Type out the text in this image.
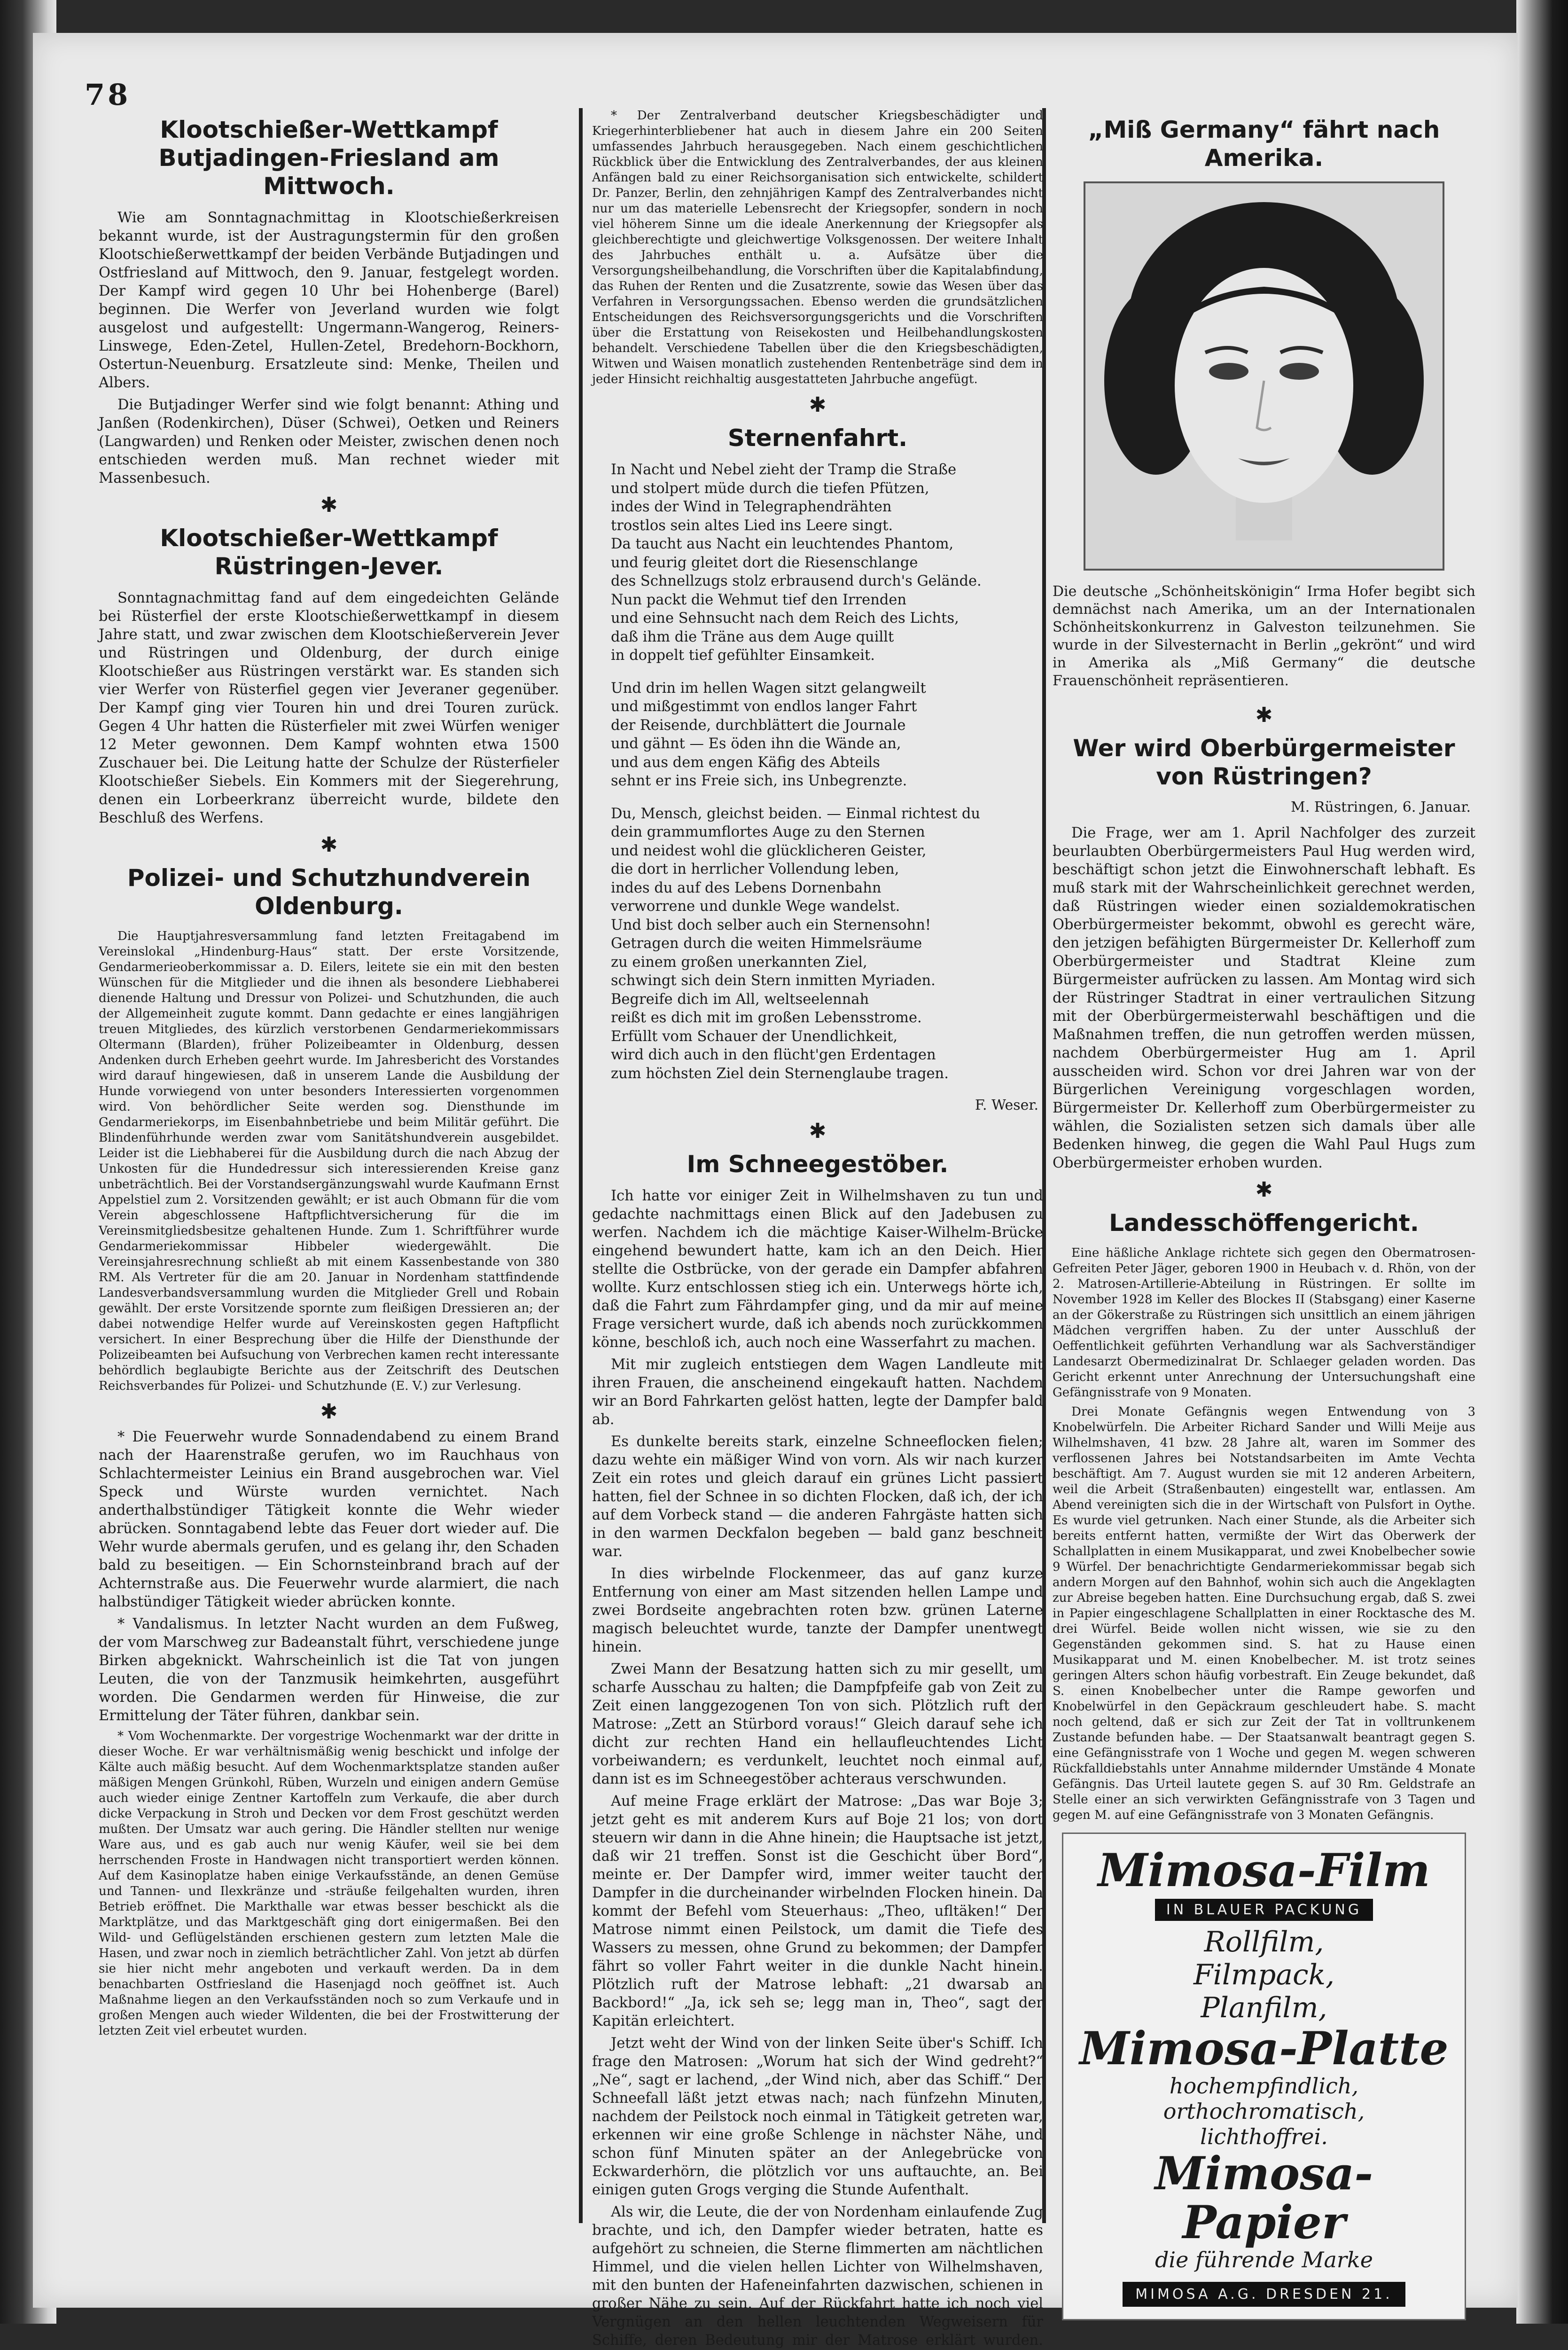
78
Klootschießer-Wettkampf Butjadingen-Friesland am Mittwoch.

Wie am Sonntagnachmittag in Klootschießerkreisen bekannt wurde, ist der Austragungstermin für den großen Klootschießerwettkampf der beiden Verbände Butjadingen und Ostfriesland auf Mittwoch, den 9. Januar, festgelegt worden. Der Kampf wird gegen 10 Uhr bei Hohenberge (Barel) beginnen. Die Werfer von Jeverland wurden wie folgt ausgelost und aufgestellt: Ungermann-Wangerog, Reiners-Linswege, Eden-Zetel, Hullen-Zetel, Bredehorn-Bockhorn, Ostertun-Neuenburg. Ersatzleute sind: Menke, Theilen und Albers.

Die Butjadinger Werfer sind wie folgt benannt: Athing und Janßen (Rodenkirchen), Düser (Schwei), Oetken und Reiners (Langwarden) und Renken oder Meister, zwischen denen noch entschieden werden muß. Man rechnet wieder mit Massenbesuch.

✱
Klootschießer-Wettkampf Rüstringen-Jever.

Sonntagnachmittag fand auf dem eingedeichten Gelände bei Rüsterfiel der erste Klootschießerwettkampf in diesem Jahre statt, und zwar zwischen dem Klootschießerverein Jever und Rüstringen und Oldenburg, der durch einige Klootschießer aus Rüstringen verstärkt war. Es standen sich vier Werfer von Rüsterfiel gegen vier Jeveraner gegenüber. Der Kampf ging vier Touren hin und drei Touren zurück. Gegen 4 Uhr hatten die Rüsterfieler mit zwei Würfen weniger 12 Meter gewonnen. Dem Kampf wohnten etwa 1500 Zuschauer bei. Die Leitung hatte der Schulze der Rüsterfieler Klootschießer Siebels. Ein Kommers mit der Siegerehrung, denen ein Lorbeerkranz überreicht wurde, bildete den Beschluß des Werfens.

✱
Polizei- und Schutzhundverein Oldenburg.

Die Hauptjahresversammlung fand letzten Freitagabend im Vereinslokal „Hindenburg-Haus“ statt. Der erste Vorsitzende, Gendarmerieoberkommissar a. D. Eilers, leitete sie ein mit den besten Wünschen für die Mitglieder und die ihnen als besondere Liebhaberei dienende Haltung und Dressur von Polizei- und Schutzhunden, die auch der Allgemeinheit zugute kommt. Dann gedachte er eines langjährigen treuen Mitgliedes, des kürzlich verstorbenen Gendarmeriekommissars Oltermann (Blarden), früher Polizeibeamter in Oldenburg, dessen Andenken durch Erheben geehrt wurde. Im Jahresbericht des Vorstandes wird darauf hingewiesen, daß in unserem Lande die Ausbildung der Hunde vorwiegend von unter besonders Interessierten vorgenommen wird. Von behördlicher Seite werden sog. Diensthunde im Gendarmeriekorps, im Eisenbahnbetriebe und beim Militär geführt. Die Blindenführhunde werden zwar vom Sanitätshundverein ausgebildet. Leider ist die Liebhaberei für die Ausbildung durch die nach Abzug der Unkosten für die Hundedressur sich interessierenden Kreise ganz unbeträchtlich. Bei der Vorstandsergänzungswahl wurde Kaufmann Ernst Appelstiel zum 2. Vorsitzenden gewählt; er ist auch Obmann für die vom Verein abgeschlossene Haftpflichtversicherung für die im Vereinsmitgliedsbesitze gehaltenen Hunde. Zum 1. Schriftführer wurde Gendarmeriekommissar Hibbeler wiedergewählt. Die Vereinsjahresrechnung schließt ab mit einem Kassenbestande von 380 RM. Als Vertreter für die am 20. Januar in Nordenham stattfindende Landesverbandsversammlung wurden die Mitglieder Grell und Robain gewählt. Der erste Vorsitzende spornte zum fleißigen Dressieren an; der dabei notwendige Helfer wurde auf Vereinskosten gegen Haftpflicht versichert. In einer Besprechung über die Hilfe der Diensthunde der Polizeibeamten bei Aufsuchung von Verbrechen kamen recht interessante behördlich beglaubigte Berichte aus der Zeitschrift des Deutschen Reichsverbandes für Polizei- und Schutzhunde (E. V.) zur Verlesung.

✱

* Die Feuerwehr wurde Sonnadendabend zu einem Brand nach der Haarenstraße gerufen, wo im Rauchhaus von Schlachtermeister Leinius ein Brand ausgebrochen war. Viel Speck und Würste wurden vernichtet. Nach anderthalbstündiger Tätigkeit konnte die Wehr wieder abrücken. Sonntagabend lebte das Feuer dort wieder auf. Die Wehr wurde abermals gerufen, und es gelang ihr, den Schaden bald zu beseitigen. — Ein Schornsteinbrand brach auf der Achternstraße aus. Die Feuerwehr wurde alarmiert, die nach halbstündiger Tätigkeit wieder abrücken konnte.

* Vandalismus. In letzter Nacht wurden an dem Fußweg, der vom Marschweg zur Badeanstalt führt, verschiedene junge Birken abgeknickt. Wahrscheinlich ist die Tat von jungen Leuten, die von der Tanzmusik heimkehrten, ausgeführt worden. Die Gendarmen werden für Hinweise, die zur Ermittelung der Täter führen, dankbar sein.

* Vom Wochenmarkte. Der vorgestrige Wochenmarkt war der dritte in dieser Woche. Er war verhältnismäßig wenig beschickt und infolge der Kälte auch mäßig besucht. Auf dem Wochenmarktsplatze standen außer mäßigen Mengen Grünkohl, Rüben, Wurzeln und einigen andern Gemüse auch wieder einige Zentner Kartoffeln zum Verkaufe, die aber durch dicke Verpackung in Stroh und Decken vor dem Frost geschützt werden mußten. Der Umsatz war auch gering. Die Händler stellten nur wenige Ware aus, und es gab auch nur wenig Käufer, weil sie bei dem herrschenden Froste in Handwagen nicht transportiert werden können. Auf dem Kasinoplatze haben einige Verkaufsstände, an denen Gemüse und Tannen- und Ilexkränze und -sträuße feilgehalten wurden, ihren Betrieb eröffnet. Die Markthalle war etwas besser beschickt als die Marktplätze, und das Marktgeschäft ging dort einigermaßen. Bei den Wild- und Geflügelständen erschienen gestern zum letzten Male die Hasen, und zwar noch in ziemlich beträchtlicher Zahl. Von jetzt ab dürfen sie hier nicht mehr angeboten und verkauft werden. Da in dem benachbarten Ostfriesland die Hasenjagd noch geöffnet ist. Auch Maßnahme liegen an den Verkaufsständen noch so zum Verkaufe und in großen Mengen auch wieder Wildenten, die bei der Frostwitterung der letzten Zeit viel erbeutet wurden.

* Der Zentralverband deutscher Kriegsbeschädigter und Kriegerhinterbliebener hat auch in diesem Jahre ein 200 Seiten umfassendes Jahrbuch herausgegeben. Nach einem geschichtlichen Rückblick über die Entwicklung des Zentralverbandes, der aus kleinen Anfängen bald zu einer Reichsorganisation sich entwickelte, schildert Dr. Panzer, Berlin, den zehnjährigen Kampf des Zentralverbandes nicht nur um das materielle Lebensrecht der Kriegsopfer, sondern in noch viel höherem Sinne um die ideale Anerkennung der Kriegsopfer als gleichberechtigte und gleichwertige Volksgenossen. Der weitere Inhalt des Jahrbuches enthält u. a. Aufsätze über die Versorgungsheilbehandlung, die Vorschriften über die Kapitalabfindung, das Ruhen der Renten und die Zusatzrente, sowie das Wesen über das Verfahren in Versorgungssachen. Ebenso werden die grundsätzlichen Entscheidungen des Reichsversorgungsgerichts und die Vorschriften über die Erstattung von Reisekosten und Heilbehandlungskosten behandelt. Verschiedene Tabellen über die den Kriegsbeschädigten, Witwen und Waisen monatlich zustehenden Rentenbeträge sind dem in jeder Hinsicht reichhaltig ausgestatteten Jahrbuche angefügt.

✱
Sternenfahrt.
In Nacht und Nebel zieht der Tramp die Straße
und stolpert müde durch die tiefen Pfützen,
indes der Wind in Telegraphendrähten
trostlos sein altes Lied ins Leere singt.
Da taucht aus Nacht ein leuchtendes Phantom,
und feurig gleitet dort die Riesenschlange
des Schnellzugs stolz erbrausend durch's Gelände.
Nun packt die Wehmut tief den Irrenden
und eine Sehnsucht nach dem Reich des Lichts,
daß ihm die Träne aus dem Auge quillt
in doppelt tief gefühlter Einsamkeit.
Und drin im hellen Wagen sitzt gelangweilt
und mißgestimmt von endlos langer Fahrt
der Reisende, durchblättert die Journale
und gähnt — Es öden ihn die Wände an,
und aus dem engen Käfig des Abteils
sehnt er ins Freie sich, ins Unbegrenzte.
Du, Mensch, gleichst beiden. — Einmal richtest du
dein grammumflortes Auge zu den Sternen
und neidest wohl die glücklicheren Geister,
die dort in herrlicher Vollendung leben,
indes du auf des Lebens Dornenbahn
verworrene und dunkle Wege wandelst.
Und bist doch selber auch ein Sternensohn!
Getragen durch die weiten Himmelsräume
zu einem großen unerkannten Ziel,
schwingt sich dein Stern inmitten Myriaden.
Begreife dich im All, weltseelennah
reißt es dich mit im großen Lebensstrome.
Erfüllt vom Schauer der Unendlichkeit,
wird dich auch in den flücht'gen Erdentagen
zum höchsten Ziel dein Sternenglaube tragen.
F. Weser.
✱
Im Schneegestöber.

Ich hatte vor einiger Zeit in Wilhelmshaven zu tun und gedachte nachmittags einen Blick auf den Jadebusen zu werfen. Nachdem ich die mächtige Kaiser-Wilhelm-Brücke eingehend bewundert hatte, kam ich an den Deich. Hier stellte die Ostbrücke, von der gerade ein Dampfer abfahren wollte. Kurz entschlossen stieg ich ein. Unterwegs hörte ich, daß die Fahrt zum Fährdampfer ging, und da mir auf meine Frage versichert wurde, daß ich abends noch zurückkommen könne, beschloß ich, auch noch eine Wasserfahrt zu machen.

Mit mir zugleich entstiegen dem Wagen Landleute mit ihren Frauen, die anscheinend eingekauft hatten. Nachdem wir an Bord Fahrkarten gelöst hatten, legte der Dampfer bald ab.

Es dunkelte bereits stark, einzelne Schneeflocken fielen; dazu wehte ein mäßiger Wind von vorn. Als wir nach kurzer Zeit ein rotes und gleich darauf ein grünes Licht passiert hatten, fiel der Schnee in so dichten Flocken, daß ich, der ich auf dem Vorbeck stand — die anderen Fahrgäste hatten sich in den warmen Deckfalon begeben — bald ganz beschneit war.

In dies wirbelnde Flockenmeer, das auf ganz kurze Entfernung von einer am Mast sitzenden hellen Lampe und zwei Bordseite angebrachten roten bzw. grünen Laterne magisch beleuchtet wurde, tanzte der Dampfer unentwegt hinein.

Zwei Mann der Besatzung hatten sich zu mir gesellt, um scharfe Ausschau zu halten; die Dampfpfeife gab von Zeit zu Zeit einen langgezogenen Ton von sich. Plötzlich ruft der Matrose: „Zett an Stürbord voraus!“ Gleich darauf sehe ich dicht zur rechten Hand ein hellaufleuchtendes Licht vorbeiwandern; es verdunkelt, leuchtet noch einmal auf, dann ist es im Schneegestöber achteraus verschwunden.

Auf meine Frage erklärt der Matrose: „Das war Boje 3; jetzt geht es mit anderem Kurs auf Boje 21 los; von dort steuern wir dann in die Ahne hinein; die Hauptsache ist jetzt, daß wir 21 treffen. Sonst ist die Geschicht über Bord“, meinte er. Der Dampfer wird, immer weiter taucht der Dampfer in die durcheinander wirbelnden Flocken hinein. Da kommt der Befehl vom Steuerhaus: „Theo, ufltäken!“ Der Matrose nimmt einen Peilstock, um damit die Tiefe des Wassers zu messen, ohne Grund zu bekommen; der Dampfer fährt so voller Fahrt weiter in die dunkle Nacht hinein. Plötzlich ruft der Matrose lebhaft: „21 dwarsab an Backbord!“ „Ja, ick seh se; legg man in, Theo“, sagt der Kapitän erleichtert.

Jetzt weht der Wind von der linken Seite über's Schiff. Ich frage den Matrosen: „Worum hat sich der Wind gedreht?“ „Ne“, sagt er lachend, „der Wind nich, aber das Schiff.“ Der Schneefall läßt jetzt etwas nach; nach fünfzehn Minuten, nachdem der Peilstock noch einmal in Tätigkeit getreten war, erkennen wir eine große Schlenge in nächster Nähe, und schon fünf Minuten später an der Anlegebrücke von Eckwarderhörn, die plötzlich vor uns auftauchte, an. Bei einigen guten Grogs verging die Stunde Aufenthalt.

Als wir, die Leute, die der von Nordenham einlaufende Zug brachte, und ich, den Dampfer wieder betraten, hatte es aufgehört zu schneien, die Sterne flimmerten am nächtlichen Himmel, und die vielen hellen Lichter von Wilhelmshaven, mit den bunten der Hafeneinfahrten dazwischen, schienen in großer Nähe zu sein. Auf der Rückfahrt hatte ich noch viel Vergnügen an den hellen leuchtenden Wegweisern für Schiffe, deren Bedeutung mir der Matrose erklärt wurden.

„Miß Germany“ fährt nach Amerika.
Die deutsche „Schönheitskönigin“ Irma Hofer begibt sich demnächst nach Amerika, um an der Internationalen Schönheitskonkurrenz in Galveston teilzunehmen. Sie wurde in der Silvesternacht in Berlin „gekrönt“ und wird in Amerika als „Miß Germany“ die deutsche Frauenschönheit repräsentieren.
✱
Wer wird Oberbürgermeister von Rüstringen?
M. Rüstringen, 6. Januar.

Die Frage, wer am 1. April Nachfolger des zurzeit beurlaubten Oberbürgermeisters Paul Hug werden wird, beschäftigt schon jetzt die Einwohnerschaft lebhaft. Es muß stark mit der Wahrscheinlichkeit gerechnet werden, daß Rüstringen wieder einen sozialdemokratischen Oberbürgermeister bekommt, obwohl es gerecht wäre, den jetzigen befähigten Bürgermeister Dr. Kellerhoff zum Oberbürgermeister und Stadtrat Kleine zum Bürgermeister aufrücken zu lassen. Am Montag wird sich der Rüstringer Stadtrat in einer vertraulichen Sitzung mit der Oberbürgermeisterwahl beschäftigen und die Maßnahmen treffen, die nun getroffen werden müssen, nachdem Oberbürgermeister Hug am 1. April ausscheiden wird. Schon vor drei Jahren war von der Bürgerlichen Vereinigung vorgeschlagen worden, Bürgermeister Dr. Kellerhoff zum Oberbürgermeister zu wählen, die Sozialisten setzen sich damals über alle Bedenken hinweg, die gegen die Wahl Paul Hugs zum Oberbürgermeister erhoben wurden.

✱
Landesschöffengericht.

Eine häßliche Anklage richtete sich gegen den Obermatrosen-Gefreiten Peter Jäger, geboren 1900 in Heubach v. d. Rhön, von der 2. Matrosen-Artillerie-Abteilung in Rüstringen. Er sollte im November 1928 im Keller des Blockes II (Stabsgang) einer Kaserne an der Gökerstraße zu Rüstringen sich unsittlich an einem jährigen Mädchen vergriffen haben. Zu der unter Ausschluß der Oeffentlichkeit geführten Verhandlung war als Sachverständiger Landesarzt Obermedizinalrat Dr. Schlaeger geladen worden. Das Gericht erkennt unter Anrechnung der Untersuchungshaft eine Gefängnisstrafe von 9 Monaten.

Drei Monate Gefängnis wegen Entwendung von 3 Knobelwürfeln. Die Arbeiter Richard Sander und Willi Meije aus Wilhelmshaven, 41 bzw. 28 Jahre alt, waren im Sommer des verflossenen Jahres bei Notstandsarbeiten im Amte Vechta beschäftigt. Am 7. August wurden sie mit 12 anderen Arbeitern, weil die Arbeit (Straßenbauten) eingestellt war, entlassen. Am Abend vereinigten sich die in der Wirtschaft von Pulsfort in Oythe. Es wurde viel getrunken. Nach einer Stunde, als die Arbeiter sich bereits entfernt hatten, vermißte der Wirt das Oberwerk der Schallplatten in einem Musikapparat, und zwei Knobelbecher sowie 9 Würfel. Der benachrichtigte Gendarmeriekommissar begab sich andern Morgen auf den Bahnhof, wohin sich auch die Angeklagten zur Abreise begeben hatten. Eine Durchsuchung ergab, daß S. zwei in Papier eingeschlagene Schallplatten in einer Rocktasche des M. drei Würfel. Beide wollen nicht wissen, wie sie zu den Gegenständen gekommen sind. S. hat zu Hause einen Musikapparat und M. einen Knobelbecher. M. ist trotz seines geringen Alters schon häufig vorbestraft. Ein Zeuge bekundet, daß S. einen Knobelbecher unter die Rampe geworfen und Knobelwürfel in den Gepäckraum geschleudert habe. S. macht noch geltend, daß er sich zur Zeit der Tat in volltrunkenem Zustande befunden habe. — Der Staatsanwalt beantragt gegen S. eine Gefängnisstrafe von 1 Woche und gegen M. wegen schweren Rückfalldiebstahls unter Annahme mildernder Umstände 4 Monate Gefängnis. Das Urteil lautete gegen S. auf 30 Rm. Geldstrafe an Stelle einer an sich verwirkten Gefängnisstrafe von 3 Tagen und gegen M. auf eine Gefängnisstrafe von 3 Monaten Gefängnis.

Mimosa-Film
IN BLAUER PACKUNG
Rollfilm,
Filmpack,
Planfilm,
Mimosa-Platte
hochempfindlich,
orthochromatisch,
lichthoffrei.
Mimosa-Papier
die führende Marke
MIMOSA A.G. DRESDEN 21.
